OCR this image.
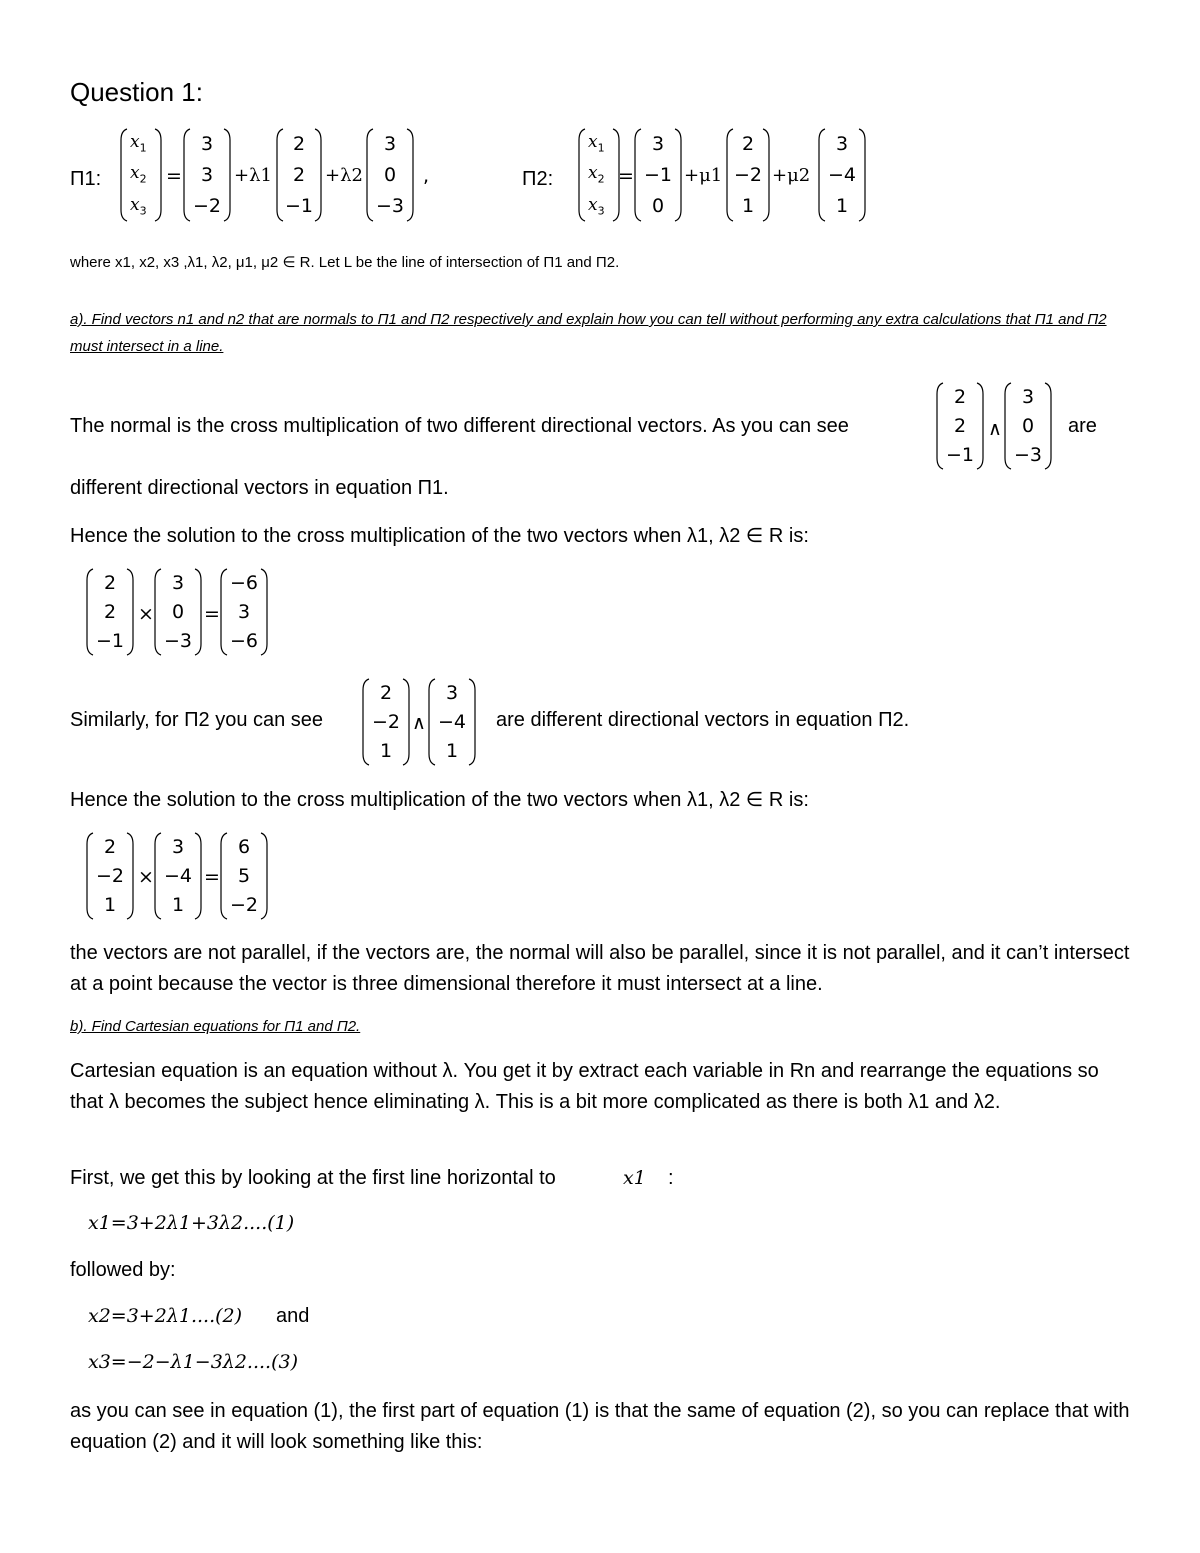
Question 1:
Π1:
$x_1$
$x_2$
$x_3$
=
3
3
−2
+λ1
2
2
−1
+λ2
3
0
−3
,	Π2:
$x_1$
$x_2$
$x_3$
=
3
−1
0
+μ1
2
−2
1
+μ2
3
−4
1
where x1, x2, x3 ,λ1, λ2, μ1, μ2 ∈ R. Let L be the line of intersection of Π1 and Π2.
a). Find vectors n1 and n2 that are normals to Π1 and Π2 respectively and explain how you can tell without performing any extra calculations that Π1 and Π2 must intersect in a line.
The normal is the cross multiplication of two different directional vectors. As you can see
2
2
−1
∧
3
0
−3
are
different directional vectors in equation Π1.
Hence the solution to the cross multiplication of the two vectors when λ1, λ2 ∈ R is:
2
2
−1
×
3
0
−3
=
−6
3
−6
Similarly, for Π2 you can see
2
−2
1
∧
3
−4
1
are different directional vectors in equation Π2.
Hence the solution to the cross multiplication of the two vectors when λ1, λ2 ∈ R is:
2
−2
1
×
3
−4
1
=
6
5
−2
the vectors are not parallel, if the vectors are, the normal will also be parallel, since it is not parallel, and it can’t intersect at a point because the vector is three dimensional therefore it must intersect at a line.
b). Find Cartesian equations for Π1 and Π2.
Cartesian equation is an equation without λ. You get it by extract each variable in Rn and rearrange the equations so that λ becomes the subject hence eliminating λ. This is a bit more complicated as there is both λ1 and λ2.
First, we get this by looking at the first line horizontal to	x1 :
x1=3+2λ1+3λ2....(1)
followed by:
x2=3+2λ1....(2) and
x3=−2−λ1−3λ2....(3)
as you can see in equation (1), the first part of equation (1) is that the same of equation (2), so you can replace that with equation (2) and it will look something like this:
